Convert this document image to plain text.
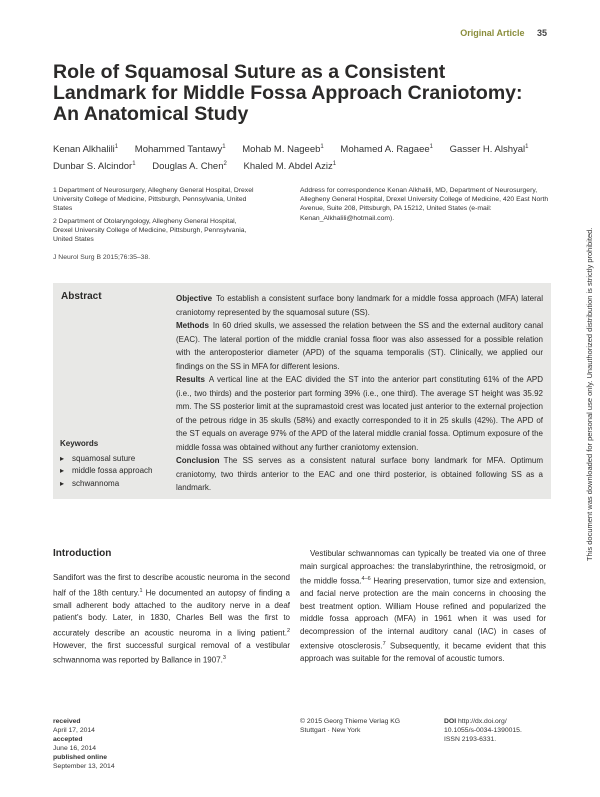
Original Article 35
Role of Squamosal Suture as a Consistent Landmark for Middle Fossa Approach Craniotomy: An Anatomical Study
Kenan Alkhalili$^1$ Mohammed Tantawy$^1$ Mohab M. Nageeb$^1$ Mohamed A. Ragaee$^1$ Gasser H. Alshyal$^1$
Dunbar S. Alcindor$^1$ Douglas A. Chen$^2$ Khaled M. Abdel Aziz$^1$

1 Department of Neurosurgery, Allegheny General Hospital, Drexel University College of Medicine, Pittsburgh, Pennsylvania, United States

2 Department of Otolaryngology, Allegheny General Hospital, Drexel University College of Medicine, Pittsburgh, Pennsylvania, United States

Address for correspondence Kenan Alkhalili, MD, Department of Neurosurgery, Allegheny General Hospital, Drexel University College of Medicine, 420 East North Avenue, Suite 208, Pittsburgh, PA 15212, United States (e-mail: Kenan_Alkhalili@hotmail.com).
J Neurol Surg B 2015;76:35–38.
Abstract	Objective To establish a consistent surface bony landmark for a middle fossa approach (MFA) lateral craniotomy represented by the squamosal suture (SS).

Methods In 60 dried skulls, we assessed the relation between the SS and the external auditory canal (EAC). The lateral portion of the middle cranial fossa floor was also assessed for a possible relation with the anteroposterior diameter (APD) of the squama temporalis (ST). Clinically, we applied our findings on the SS in MFA for different lesions.

Results A vertical line at the EAC divided the ST into the anterior part constituting 61% of the APD (i.e., two thirds) and the posterior part forming 39% (i.e., one third). The average ST height was 35.92 mm. The SS posterior limit at the supramastoid crest was located just anterior to the external projection of the petrous ridge in 35 skulls (58%) and exactly corresponded to it in 25 skulls (42%). The APD of the ST equals on average 97% of the APD of the lateral middle cranial fossa. Optimum exposure of the middle fossa was obtained without any further craniotomy extension.

Conclusion The SS serves as a consistent natural surface bony landmark for MFA. Optimum craniotomy, two thirds anterior to the EAC and one third posterior, is obtained following SS as a landmark.

Keywords
▸ squamosal suture
▸ middle fossa approach
▸ schwannoma
Introduction
Sandifort was the first to describe acoustic neuroma in the second half of the 18th century.$^1$ He documented an autopsy of finding a small adherent body attached to the auditory nerve in a deaf patient's body. Later, in 1830, Charles Bell was the first to accurately describe an acoustic neuroma in a living patient.$^2$ However, the first successful surgical removal of a vestibular schwannoma was reported by Ballance in 1907.$^3$
Vestibular schwannomas can typically be treated via one of three main surgical approaches: the translabyrinthine, the retrosigmoid, or the middle fossa.$^{4-6}$ Hearing preservation, tumor size and extension, and facial nerve protection are the main concerns in choosing the best treatment option. William House refined and popularized the middle fossa approach (MFA) in 1961 when it was used for decompression of the internal auditory canal (IAC) in cases of extensive otosclerosis.$^7$ Subsequently, it became evident that this approach was suitable for the removal of acoustic tumors.
received
April 17, 2014
accepted
June 16, 2014
published online
September 13, 2014
© 2015 Georg Thieme Verlag KG
Stuttgart · New York
DOI http://dx.doi.org/
10.1055/s-0034-1390015.
ISSN 2193-6331.
This document was downloaded for personal use only. Unauthorized distribution is strictly prohibited.
